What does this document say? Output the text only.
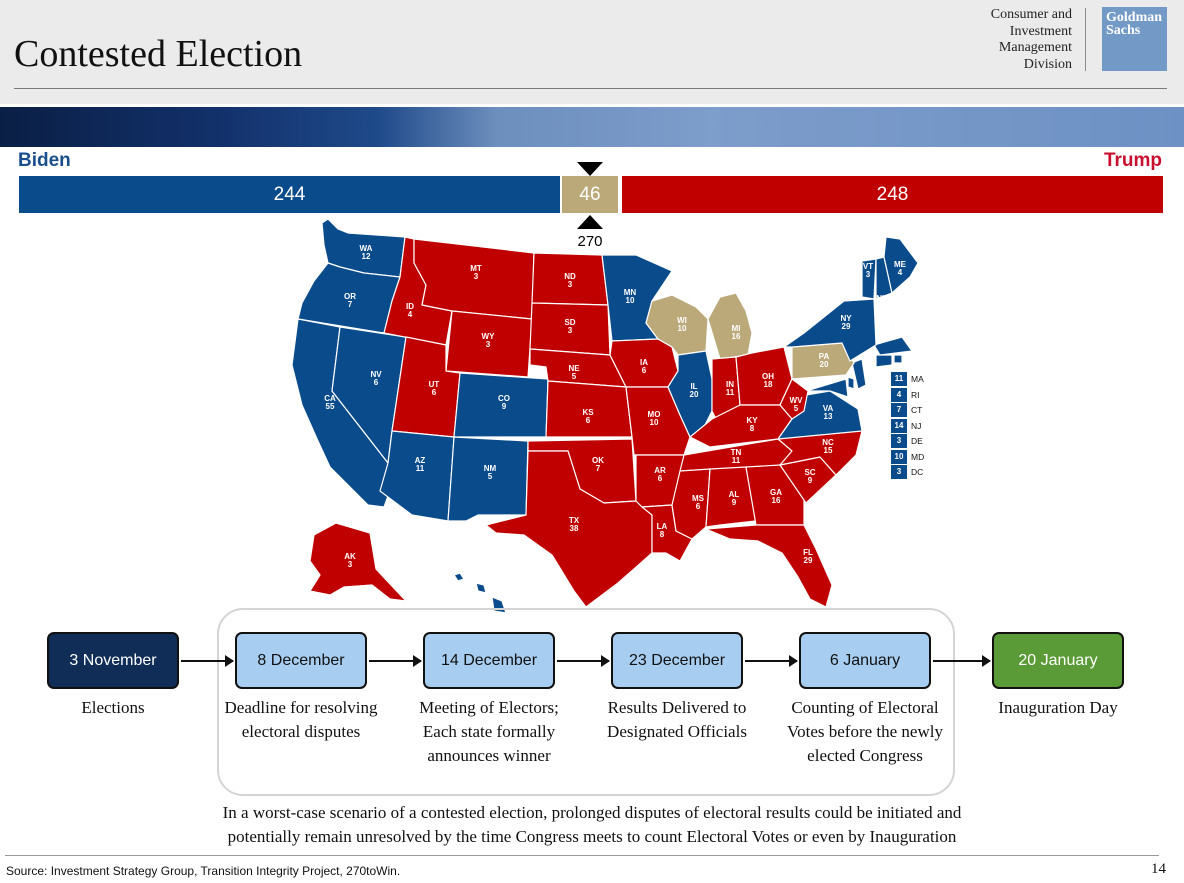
Contested Election
Consumer and
Investment
Management
Division
Goldman
Sachs
Biden	Trump
244	46	248
270
WA 12
OR 7
CA 55
NV 6
ID 4
MT 3
WY 3
UT 6
CO 9
AZ 11	NM 5
ND 3
SD 3
NE 5
KS 6
OK 7
TX 38
MN 10
IA 6
MO 10
AR 6
LA 8
WI 10
IL 20
MI 16
IN 11
OH 18
KY 8
TN 11
MS 6
AL 9
GA 16
FL 29
SC 9
NC 15
VA 13
WV 5
PA 20
NY 29
VT 3
NH 4
ME 4
AK 3
HI 4
11 MA
4	RI
7	CT
14 NJ
3	DE
10 MD
3	DC
3 November
Elections
8 December
Deadline for resolving electoral disputes
14 December
Meeting of Electors; Each state formally announces winner
23 December
Results Delivered to Designated Officials
6 January
Counting of Electoral Votes before the newly elected Congress
20 January
Inauguration Day
In a worst-case scenario of a contested election, prolonged disputes of electoral results could be initiated and
potentially remain unresolved by the time Congress meets to count Electoral Votes or even by Inauguration
Source: Investment Strategy Group, Transition Integrity Project, 270toWin.	14
